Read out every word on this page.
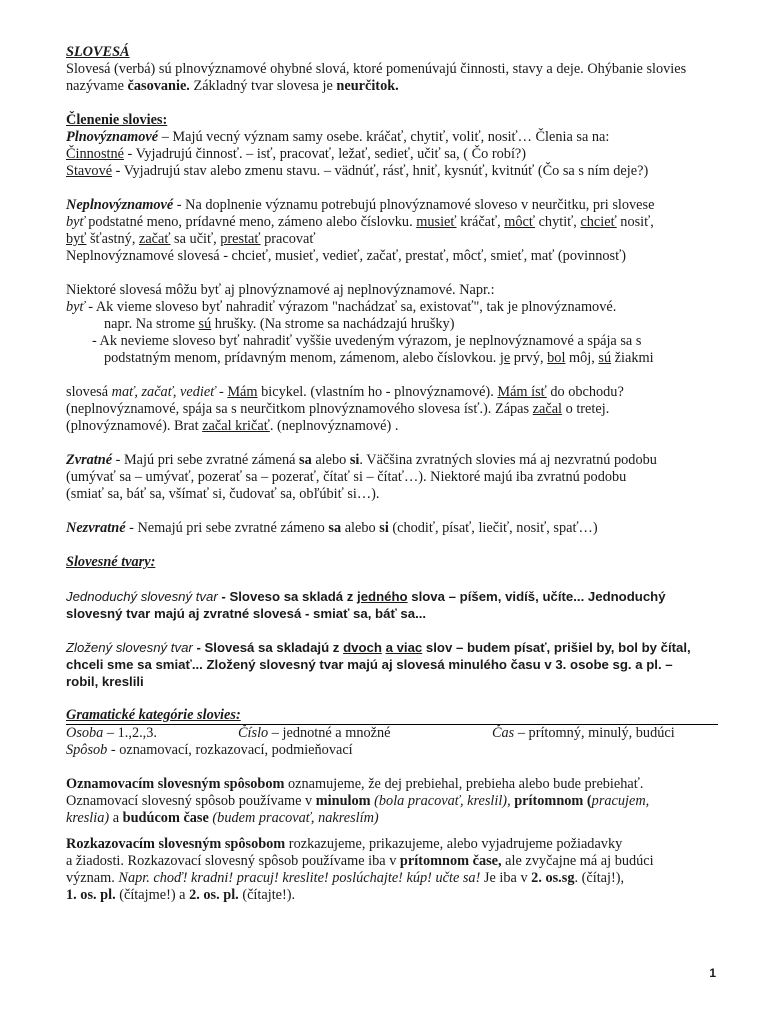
SLOVESÁ

Slovesá (verbá) sú plnovýznamové ohybné slová, ktoré pomenúvajú činnosti, stavy a deje. Ohýbanie slovies nazývame časovanie. Základný tvar slovesa je neurčitok.

Členenie slovies:

Plnovýznamové – Majú vecný význam samy osebe. kráčať, chytiť, voliť, nosiť… Členia sa na:

Činnostné - Vyjadrujú činnosť. – isť, pracovať, ležať, sedieť, učiť sa, ( Čo robí?)

Stavové - Vyjadrujú stav alebo zmenu stavu. – vädnúť, rásť, hniť, kysnúť, kvitnúť (Čo sa s ním deje?)

Neplnovýznamové - Na doplnenie významu potrebujú plnovýznamové sloveso v neurčitku, pri slovese

byť podstatné meno, prídavné meno, zámeno alebo číslovku. musieť kráčať, môcť chytiť, chcieť nosiť,

byť šťastný, začať sa učiť, prestať pracovať

Neplnovýznamové slovesá - chcieť, musieť, vedieť, začať, prestať, môcť, smieť, mať (povinnosť)

Niektoré slovesá môžu byť aj plnovýznamové aj neplnovýznamové. Napr.:

byť - Ak vieme sloveso byť nahradiť výrazom "nachádzať sa, existovať", tak je plnovýznamové.

napr. Na strome sú hrušky. (Na strome sa nachádzajú hrušky)

- Ak nevieme sloveso byť nahradiť vyššie uvedeným výrazom, je neplnovýznamové a spája sa s

podstatným menom, prídavným menom, zámenom, alebo číslovkou. je prvý, bol môj, sú žiakmi

slovesá mať, začať, vedieť - Mám bicykel. (vlastním ho - plnovýznamové). Mám ísť do obchodu?

(neplnovýznamové, spája sa s neurčitkom plnovýznamového slovesa ísť.). Zápas začal o tretej.

(plnovýznamové). Brat začal kričať. (neplnovýznamové) .

Zvratné - Majú pri sebe zvratné zámená sa alebo si. Väčšina zvratných slovies má aj nezvratnú podobu

(umývať sa – umývať, pozerať sa – pozerať, čítať si – čítať…). Niektoré majú iba zvratnú podobu

(smiať sa, báť sa, všímať si, čudovať sa, obľúbiť si…).

Nezvratné - Nemajú pri sebe zvratné zámeno sa alebo si (chodiť, písať, liečiť, nosiť, spať…)

Slovesné tvary:

Jednoduchý slovesný tvar - Sloveso sa skladá z jedného slova – píšem, vidíš, učíte... Jednoduchý

slovesný tvar majú aj zvratné slovesá - smiať sa, báť sa...

Zložený slovesný tvar - Slovesá sa skladajú z dvoch a viac slov – budem písať, prišiel by, bol by čítal,

chceli sme sa smiať... Zložený slovesný tvar majú aj slovesá minulého času v 3. osobe sg. a pl. –

robil, kreslili

Gramatické kategórie slovies:

Osoba – 1.,2.,3.	Číslo – jednotné a množné	Čas – prítomný, minulý, budúci

Spôsob - oznamovací, rozkazovací, podmieňovací

Oznamovacím slovesným spôsobom oznamujeme, že dej prebiehal, prebieha alebo bude prebiehať.

Oznamovací slovesný spôsob používame v minulom (bola pracovať, kreslil), prítomnom (pracujem,

kreslia) a budúcom čase (budem pracovať, nakreslím)

Rozkazovacím slovesným spôsobom rozkazujeme, prikazujeme, alebo vyjadrujeme požiadavky

a žiadosti. Rozkazovací slovesný spôsob používame iba v prítomnom čase, ale zvyčajne má aj budúci

význam. Napr. choď! kradni! pracuj! kreslite! poslúchajte! kúp! učte sa! Je iba v 2. os.sg. (čítaj!),

1. os. pl. (čítajme!) a 2. os. pl. (čítajte!).

1
